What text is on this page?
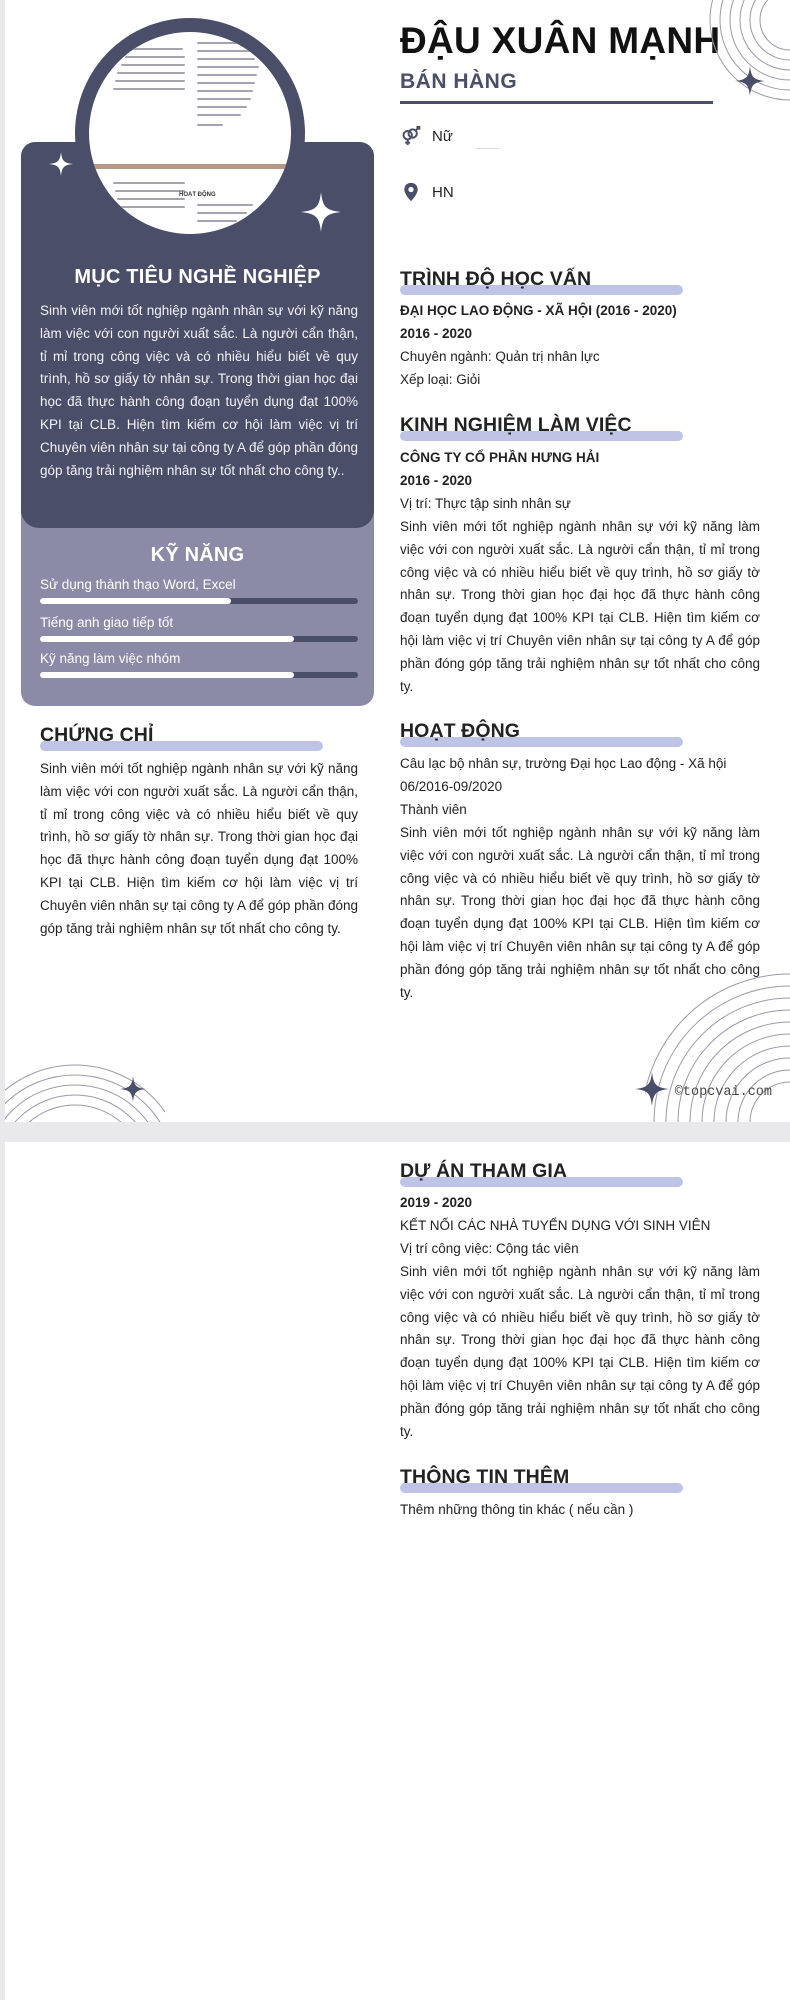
HOẠT ĐỘNG
MỤC TIÊU NGHỀ NGHIỆP
Sinh viên mới tốt nghiệp ngành nhân sự với kỹ năng làm việc với con người xuất sắc. Là người cẩn thận, tỉ mỉ trong công việc và có nhiều hiểu biết về quy trình, hồ sơ giấy tờ nhân sự. Trong thời gian học đại học đã thực hành công đoạn tuyển dụng đạt 100% KPI tại CLB. Hiện tìm kiếm cơ hội làm việc vị trí Chuyên viên nhân sự tại công ty A để góp phần đóng góp tăng trải nghiệm nhân sự tốt nhất cho công ty..
KỸ NĂNG
CHỨNG CHỈ
Sinh viên mới tốt nghiệp ngành nhân sự với kỹ năng làm việc với con người xuất sắc. Là người cẩn thận, tỉ mỉ trong công việc và có nhiều hiểu biết về quy trình, hồ sơ giấy tờ nhân sự. Trong thời gian học đại học đã thực hành công đoạn tuyển dụng đạt 100% KPI tại CLB. Hiện tìm kiếm cơ hội làm việc vị trí Chuyên viên nhân sự tại công ty A để góp phần đóng góp tăng trải nghiệm nhân sự tốt nhất cho công ty.
ĐẬU XUÂN MẠNH
BÁN HÀNG
Nữ
HN
TRÌNH ĐỘ HỌC VẤN
ĐẠI HỌC LAO ĐỘNG - XÃ HỘI (2016 - 2020)
2016 - 2020
Chuyên ngành: Quản trị nhân lực
Xếp loại: Giỏi
KINH NGHIỆM LÀM VIỆC
CÔNG TY CỔ PHẦN HƯNG HẢI
2016 - 2020
Vị trí: Thực tập sinh nhân sự
Sinh viên mới tốt nghiệp ngành nhân sự với kỹ năng làm việc với con người xuất sắc. Là người cẩn thận, tỉ mỉ trong công việc và có nhiều hiểu biết về quy trình, hồ sơ giấy tờ nhân sự. Trong thời gian học đại học đã thực hành công đoạn tuyển dụng đạt 100% KPI tại CLB. Hiện tìm kiếm cơ hội làm việc vị trí Chuyên viên nhân sự tại công ty A để góp phần đóng góp tăng trải nghiệm nhân sự tốt nhất cho công ty.
HOẠT ĐỘNG
Câu lạc bộ nhân sự, trường Đại học Lao động - Xã hội
06/2016-09/2020
Thành viên
Sinh viên mới tốt nghiệp ngành nhân sự với kỹ năng làm việc với con người xuất sắc. Là người cẩn thận, tỉ mỉ trong công việc và có nhiều hiểu biết về quy trình, hồ sơ giấy tờ nhân sự. Trong thời gian học đại học đã thực hành công đoạn tuyển dụng đạt 100% KPI tại CLB. Hiện tìm kiếm cơ hội làm việc vị trí Chuyên viên nhân sự tại công ty A để góp phần đóng góp tăng trải nghiệm nhân sự tốt nhất cho công ty.
©topcvai.com
Sử dụng thành thạo Word, Excel
Tiếng anh giao tiếp tốt
Kỹ năng làm việc nhóm
DỰ ÁN THAM GIA
2019 - 2020
KẾT NỐI CÁC NHÀ TUYỂN DỤNG VỚI SINH VIÊN
Vị trí công việc: Cộng tác viên
Sinh viên mới tốt nghiệp ngành nhân sự với kỹ năng làm việc với con người xuất sắc. Là người cẩn thận, tỉ mỉ trong công việc và có nhiều hiểu biết về quy trình, hồ sơ giấy tờ nhân sự. Trong thời gian học đại học đã thực hành công đoạn tuyển dụng đạt 100% KPI tại CLB. Hiện tìm kiếm cơ hội làm việc vị trí Chuyên viên nhân sự tại công ty A để góp phần đóng góp tăng trải nghiệm nhân sự tốt nhất cho công ty.
THÔNG TIN THÊM
Thêm những thông tin khác ( nếu cần )
